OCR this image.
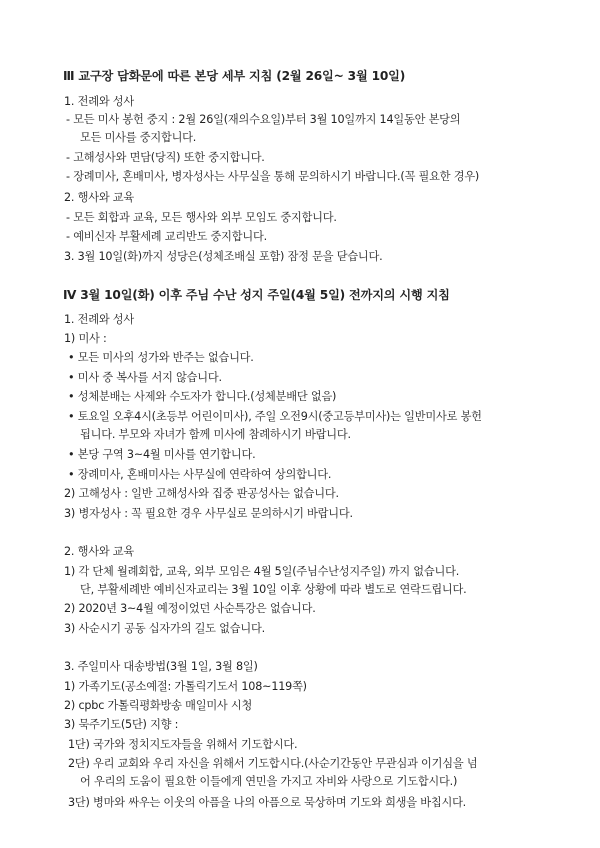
Ⅲ 교구장 담화문에 따른 본당 세부 지침 (2월 26일~ 3월 10일)
1. 전례와 성사
- 모든 미사 봉헌 중지 : 2월 26일(재의수요일)부터 3월 10일까지 14일동안 본당의
모든 미사를 중지합니다.
- 고해성사와 면담(당직) 또한 중지합니다.
- 장례미사, 혼배미사, 병자성사는 사무실을 통해 문의하시기 바랍니다.(꼭 필요한 경우)
2. 행사와 교육
- 모든 회합과 교육, 모든 행사와 외부 모임도 중지합니다.
- 예비신자 부활세례 교리반도 중지합니다.
3. 3월 10일(화)까지 성당은(성체조배실 포함) 잠정 문을 닫습니다.
Ⅳ 3월 10일(화) 이후 주님 수난 성지 주일(4월 5일) 전까지의 시행 지침
1. 전례와 성사
1) 미사 :
• 모든 미사의 성가와 반주는 없습니다.
• 미사 중 복사를 서지 않습니다.
• 성체분배는 사제와 수도자가 합니다.(성체분배단 없음)
• 토요일 오후4시(초등부 어린이미사), 주일 오전9시(중고등부미사)는 일반미사로 봉헌
됩니다. 부모와 자녀가 함께 미사에 참례하시기 바랍니다.
• 본당 구역 3~4월 미사를 연기합니다.
• 장례미사, 혼배미사는 사무실에 연락하여 상의합니다.
2) 고해성사 : 일반 고해성사와 집중 판공성사는 없습니다.
3) 병자성사 : 꼭 필요한 경우 사무실로 문의하시기 바랍니다.
2. 행사와 교육
1) 각 단체 월례회합, 교육, 외부 모임은 4월 5일(주님수난성지주일) 까지 없습니다.
단, 부활세례반 예비신자교리는 3월 10일 이후 상황에 따라 별도로 연락드립니다.
2) 2020년 3~4월 예정이었던 사순특강은 없습니다.
3) 사순시기 공동 십자가의 길도 없습니다.
3. 주일미사 대송방법(3월 1일, 3월 8일)
1) 가족기도(공소예절: 가톨릭기도서 108~119쪽)
2) cpbc 가톨릭평화방송 매일미사 시청
3) 묵주기도(5단) 지향 :
1단) 국가와 정치지도자들을 위해서 기도합시다.
2단) 우리 교회와 우리 자신을 위해서 기도합시다.(사순기간동안 무관심과 이기심을 넘
어 우리의 도움이 필요한 이들에게 연민을 가지고 자비와 사랑으로 기도합시다.)
3단) 병마와 싸우는 이웃의 아픔을 나의 아픔으로 묵상하며 기도와 희생을 바칩시다.
